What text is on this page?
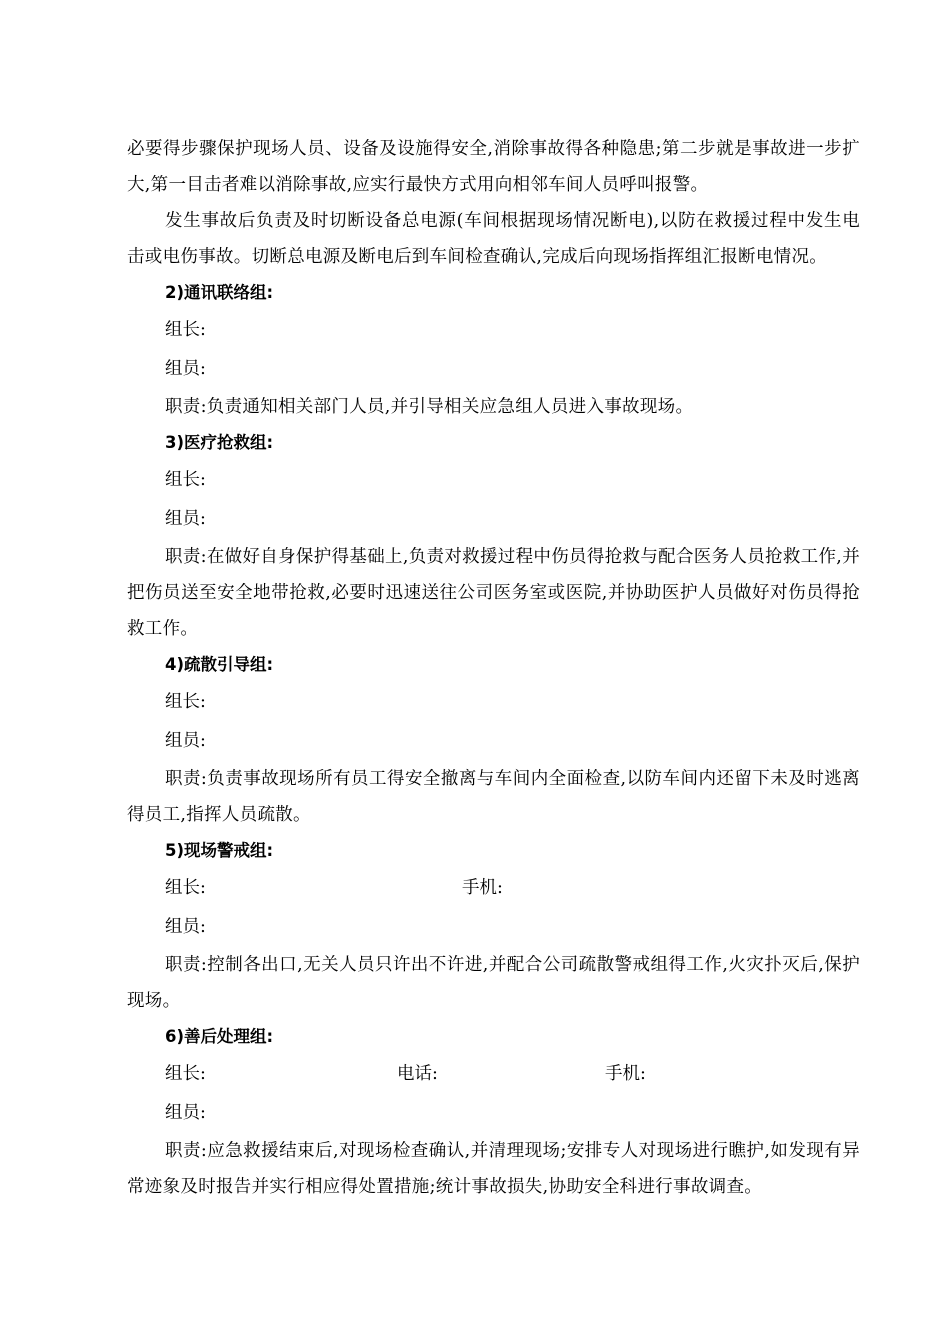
必要得步骤保护现场人员、设备及设施得安全,消除事故得各种隐患;第二步就是事故进一步扩大,第一目击者难以消除事故,应实行最快方式用向相邻车间人员呼叫报警。

发生事故后负责及时切断设备总电源(车间根据现场情况断电),以防在救援过程中发生电击或电伤事故。切断总电源及断电后到车间检查确认,完成后向现场指挥组汇报断电情况。

2)通讯联络组:

组长:

组员:

职责:负责通知相关部门人员,并引导相关应急组人员进入事故现场。

3)医疗抢救组:

组长:

组员:

职责:在做好自身保护得基础上,负责对救援过程中伤员得抢救与配合医务人员抢救工作,并把伤员送至安全地带抢救,必要时迅速送往公司医务室或医院,并协助医护人员做好对伤员得抢救工作。

4)疏散引导组:

组长:

组员:

职责:负责事故现场所有员工得安全撤离与车间内全面检查,以防车间内还留下未及时逃离得员工,指挥人员疏散。

5)现场警戒组:

组长:	手机:

组员:

职责:控制各出口,无关人员只许出不许进,并配合公司疏散警戒组得工作,火灾扑灭后,保护现场。

6)善后处理组:

组长:	电话:	手机:

组员:

职责:应急救援结束后,对现场检查确认,并清理现场;安排专人对现场进行瞧护,如发现有异常迹象及时报告并实行相应得处置措施;统计事故损失,协助安全科进行事故调查。
